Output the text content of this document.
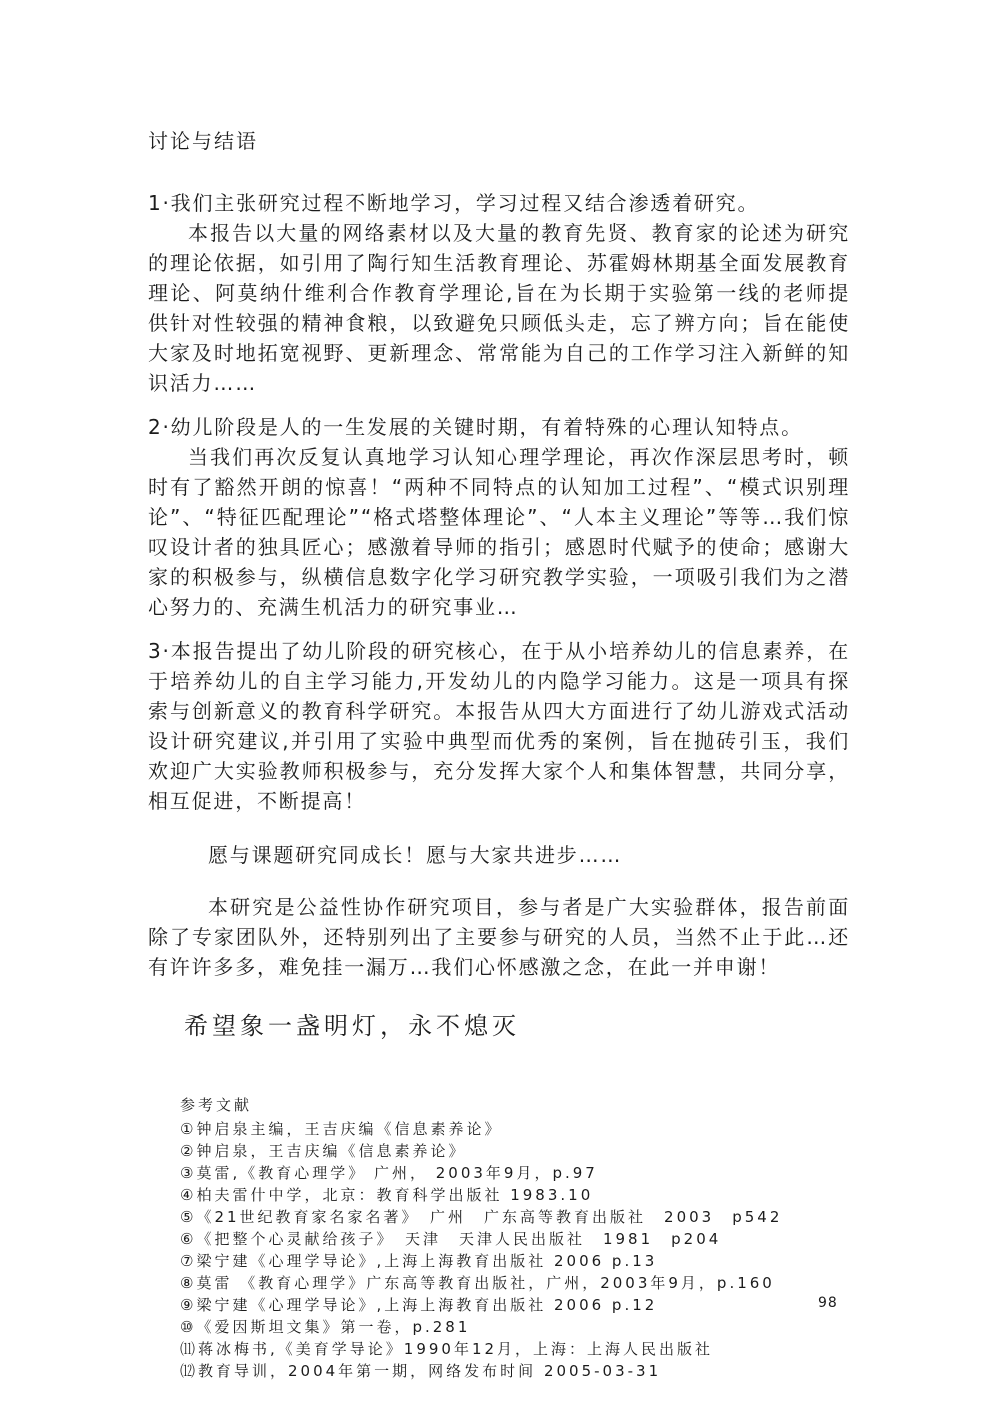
讨论与结语

1·我们主张研究过程不断地学习，学习过程又结合渗透着研究。

本报告以大量的网络素材以及大量的教育先贤、教育家的论述为研究的理论依据，如引用了陶行知生活教育理论、苏霍姆林期基全面发展教育理论、阿莫纳什维利合作教育学理论,旨在为长期于实验第一线的老师提供针对性较强的精神食粮，以致避免只顾低头走，忘了辨方向；旨在能使大家及时地拓宽视野、更新理念、常常能为自己的工作学习注入新鲜的知识活力……

2·幼儿阶段是人的一生发展的关键时期，有着特殊的心理认知特点。

当我们再次反复认真地学习认知心理学理论，再次作深层思考时，顿时有了豁然开朗的惊喜！“两种不同特点的认知加工过程”、“模式识别理论”、“特征匹配理论”“格式塔整体理论”、“人本主义理论”等等…我们惊叹设计者的独具匠心；感激着导师的指引；感恩时代赋予的使命；感谢大家的积极参与，纵横信息数字化学习研究教学实验，一项吸引我们为之潜心努力的、充满生机活力的研究事业…

3·本报告提出了幼儿阶段的研究核心，在于从小培养幼儿的信息素养，在于培养幼儿的自主学习能力,开发幼儿的内隐学习能力。这是一项具有探索与创新意义的教育科学研究。本报告从四大方面进行了幼儿游戏式活动设计研究建议,并引用了实验中典型而优秀的案例，旨在抛砖引玉，我们欢迎广大实验教师积极参与，充分发挥大家个人和集体智慧，共同分享，相互促进，不断提高！

愿与课题研究同成长！愿与大家共进步……

本研究是公益性协作研究项目，参与者是广大实验群体，报告前面除了专家团队外，还特别列出了主要参与研究的人员，当然不止于此…还有许许多多，难免挂一漏万…我们心怀感激之念，在此一并申谢！

希望象一盏明灯，永不熄灭

参考文献
①钟启泉主编，王吉庆编《信息素养论》
②钟启泉，王吉庆编《信息素养论》
③莫雷,《教育心理学》 广州， 2003年9月，p.97
④柏夫雷什中学，北京：教育科学出版社 1983.10
⑤《21世纪教育家名家名著》　广州　广东高等教育出版社　2003　p542
⑥《把整个心灵献给孩子》　天津　天津人民出版社　1981　p204
⑦梁宁建《心理学导论》,上海上海教育出版社 2006 p.13
⑧莫雷 《教育心理学》广东高等教育出版社，广州，2003年9月，p.160
⑨梁宁建《心理学导论》,上海上海教育出版社 2006 p.12
⑩《爱因斯坦文集》第一卷，p.281
⑾蒋冰梅书,《美育学导论》1990年12月，上海：上海人民出版社
⑿教育导训，2004年第一期，网络发布时间 2005-03-31
98
